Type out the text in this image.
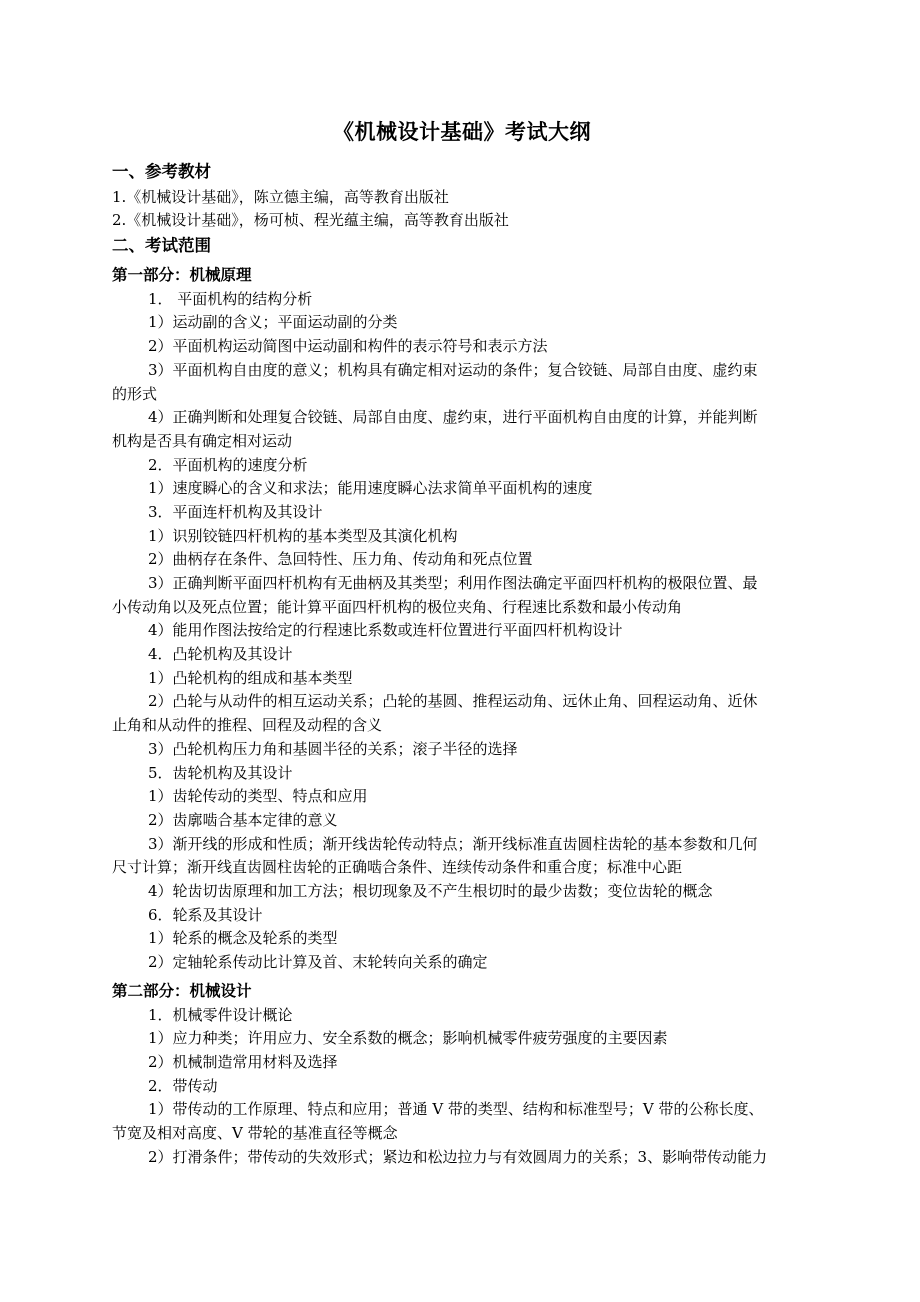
《机械设计基础》考试大纲
一、参考教材
1.《机械设计基础》，陈立德主编，高等教育出版社
2.《机械设计基础》，杨可桢、程光蕴主编，高等教育出版社
二、考试范围
第一部分：机械原理
1． 平面机构的结构分析
1）运动副的含义；平面运动副的分类
2）平面机构运动简图中运动副和构件的表示符号和表示方法
3）平面机构自由度的意义；机构具有确定相对运动的条件；复合铰链、局部自由度、虚约束
的形式
4）正确判断和处理复合铰链、局部自由度、虚约束，进行平面机构自由度的计算，并能判断
机构是否具有确定相对运动
2．平面机构的速度分析
1）速度瞬心的含义和求法；能用速度瞬心法求简单平面机构的速度
3．平面连杆机构及其设计
1）识别铰链四杆机构的基本类型及其演化机构
2）曲柄存在条件、急回特性、压力角、传动角和死点位置
3）正确判断平面四杆机构有无曲柄及其类型；利用作图法确定平面四杆机构的极限位置、最
小传动角以及死点位置；能计算平面四杆机构的极位夹角、行程速比系数和最小传动角
4）能用作图法按给定的行程速比系数或连杆位置进行平面四杆机构设计
4．凸轮机构及其设计
1）凸轮机构的组成和基本类型
2）凸轮与从动件的相互运动关系；凸轮的基圆、推程运动角、远休止角、回程运动角、近休
止角和从动件的推程、回程及动程的含义
3）凸轮机构压力角和基圆半径的关系；滚子半径的选择
5．齿轮机构及其设计
1）齿轮传动的类型、特点和应用
2）齿廓啮合基本定律的意义
3）渐开线的形成和性质；渐开线齿轮传动特点；渐开线标准直齿圆柱齿轮的基本参数和几何
尺寸计算；渐开线直齿圆柱齿轮的正确啮合条件、连续传动条件和重合度；标准中心距
4）轮齿切齿原理和加工方法；根切现象及不产生根切时的最少齿数；变位齿轮的概念
6．轮系及其设计
1）轮系的概念及轮系的类型
2）定轴轮系传动比计算及首、末轮转向关系的确定
第二部分：机械设计
1．机械零件设计概论
1）应力种类；许用应力、安全系数的概念；影响机械零件疲劳强度的主要因素
2）机械制造常用材料及选择
2．带传动
1）带传动的工作原理、特点和应用；普通 V 带的类型、结构和标准型号；V 带的公称长度、
节宽及相对高度、V 带轮的基准直径等概念
2）打滑条件；带传动的失效形式；紧边和松边拉力与有效圆周力的关系；3、影响带传动能力
